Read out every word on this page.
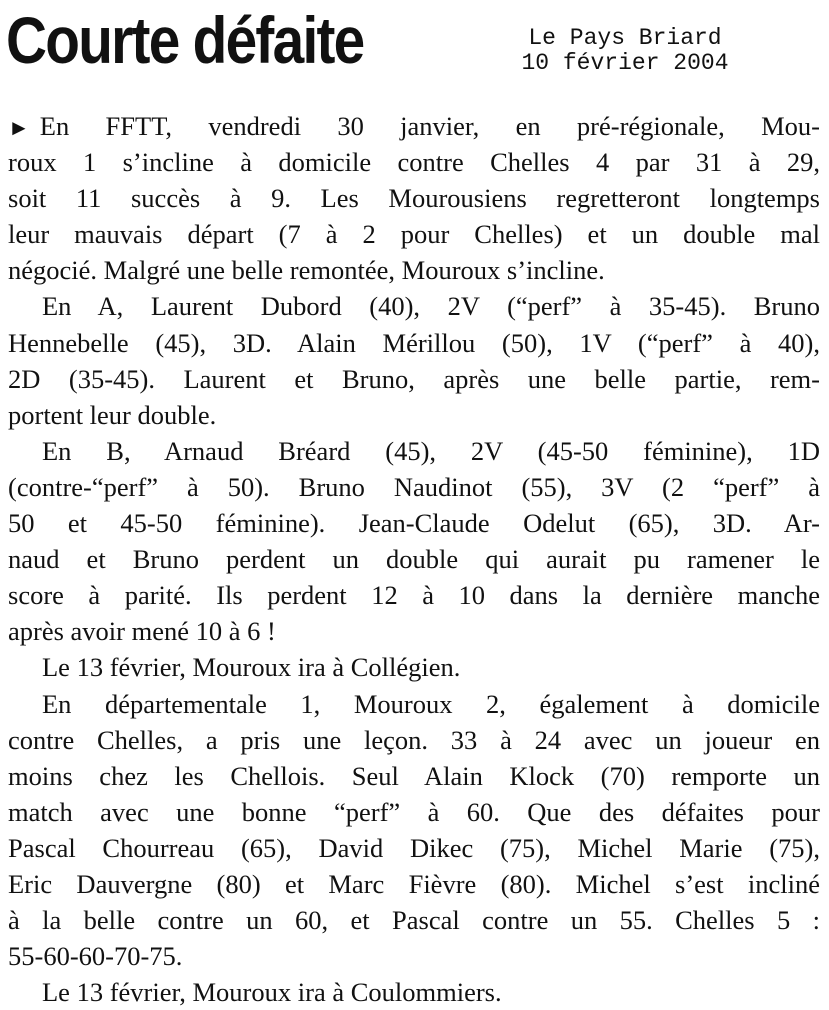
Courte défaite	Le Pays Briard
10 février 2004
► En FFTT, vendredi 30 janvier, en pré-régionale, Mou-
roux 1 s’incline à domicile contre Chelles 4 par 31 à 29,
soit 11 succès à 9. Les Mourousiens regretteront longtemps
leur mauvais départ (7 à 2 pour Chelles) et un double mal
négocié. Malgré une belle remontée, Mouroux s’incline.
En A, Laurent Dubord (40), 2V (“perf” à 35-45). Bruno
Hennebelle (45), 3D. Alain Mérillou (50), 1V (“perf” à 40),
2D (35-45). Laurent et Bruno, après une belle partie, rem-
portent leur double.
En B, Arnaud Bréard (45), 2V (45-50 féminine), 1D
(contre-“perf” à 50). Bruno Naudinot (55), 3V (2 “perf” à
50 et 45-50 féminine). Jean-Claude Odelut (65), 3D. Ar-
naud et Bruno perdent un double qui aurait pu ramener le
score à parité. Ils perdent 12 à 10 dans la dernière manche
après avoir mené 10 à 6 !
Le 13 février, Mouroux ira à Collégien.
En départementale 1, Mouroux 2, également à domicile
contre Chelles, a pris une leçon. 33 à 24 avec un joueur en
moins chez les Chellois. Seul Alain Klock (70) remporte un
match avec une bonne “perf” à 60. Que des défaites pour
Pascal Chourreau (65), David Dikec (75), Michel Marie (75),
Eric Dauvergne (80) et Marc Fièvre (80). Michel s’est incliné
à la belle contre un 60, et Pascal contre un 55. Chelles 5 :
55-60-60-70-75.
Le 13 février, Mouroux ira à Coulommiers.
